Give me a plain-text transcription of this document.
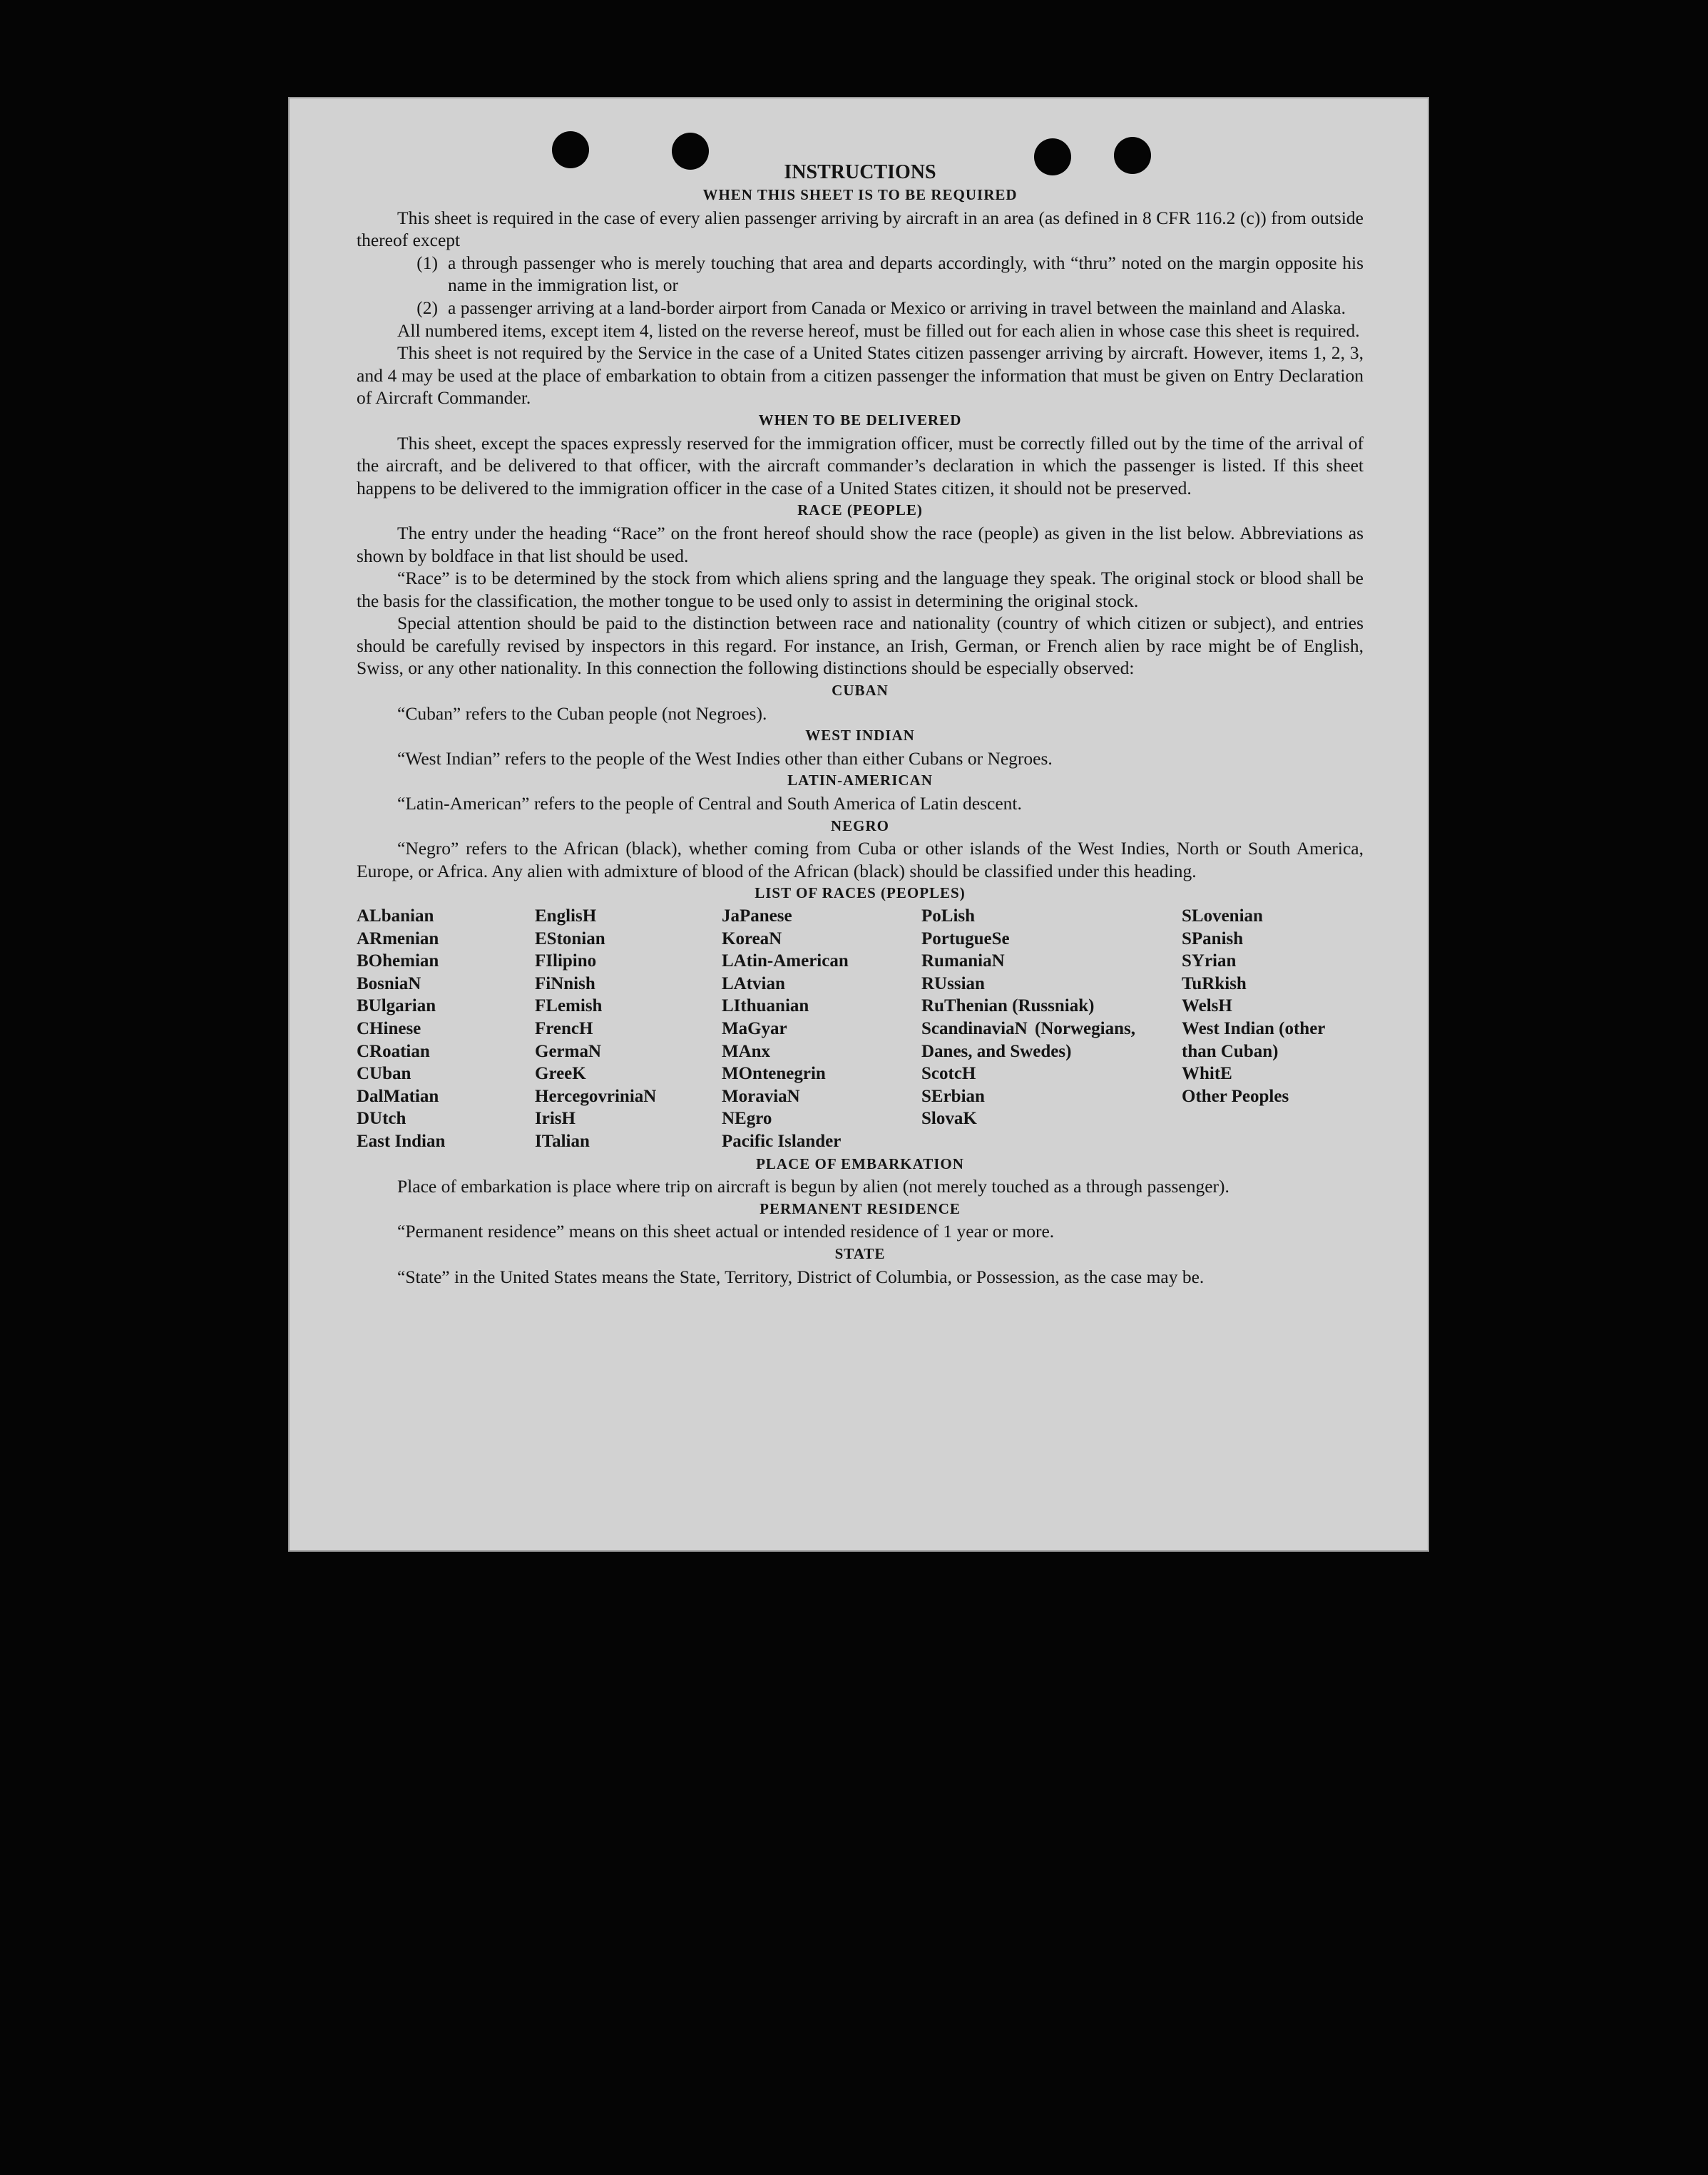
INSTRUCTIONS
WHEN THIS SHEET IS TO BE REQUIRED

This sheet is required in the case of every alien passenger arriving by aircraft in an area (as defined in 8 CFR 116.2 (c)) from outside thereof except

(1) a through passenger who is merely touching that area and departs accordingly, with “thru” noted on the margin opposite his name in the immigration list, or
(2) a passenger arriving at a land-border airport from Canada or Mexico or arriving in travel between the mainland and Alaska.

All numbered items, except item 4, listed on the reverse hereof, must be filled out for each alien in whose case this sheet is required.

This sheet is not required by the Service in the case of a United States citizen passenger arriving by aircraft. However, items 1, 2, 3, and 4 may be used at the place of embarkation to obtain from a citizen passenger the information that must be given on Entry Declaration of Aircraft Commander.

WHEN TO BE DELIVERED

This sheet, except the spaces expressly reserved for the immigration officer, must be correctly filled out by the time of the arrival of the aircraft, and be delivered to that officer, with the aircraft commander’s declaration in which the passenger is listed. If this sheet happens to be delivered to the immigration officer in the case of a United States citizen, it should not be preserved.

RACE (PEOPLE)

The entry under the heading “Race” on the front hereof should show the race (people) as given in the list below. Abbreviations as shown by boldface in that list should be used.

“Race” is to be determined by the stock from which aliens spring and the language they speak. The original stock or blood shall be the basis for the classification, the mother tongue to be used only to assist in determining the original stock.

Special attention should be paid to the distinction between race and nationality (country of which citizen or subject), and entries should be carefully revised by inspectors in this regard. For instance, an Irish, German, or French alien by race might be of English, Swiss, or any other nationality. In this connection the following distinctions should be especially observed:

CUBAN

“Cuban” refers to the Cuban people (not Negroes).

WEST INDIAN

“West Indian” refers to the people of the West Indies other than either Cubans or Negroes.

LATIN-AMERICAN

“Latin-American” refers to the people of Central and South America of Latin descent.

NEGRO

“Negro” refers to the African (black), whether coming from Cuba or other islands of the West Indies, North or South America, Europe, or Africa. Any alien with admixture of blood of the African (black) should be classified under this heading.

LIST OF RACES (PEOPLES)
ALbanian
ARmenian
BOhemian
BosniaN
BUlgarian
CHinese
CRoatian
CUban
DalMatian
DUtch
East Indian
EnglisH
EStonian
FIlipino
FiNnish
FLemish
FrencH
GermaN
GreeK
HercegovriniaN
IrisH
ITalian
JaPanese
KoreaN
LAtin-American
LAtvian
LIthuanian
MaGyar
MAnx
MOntenegrin
MoraviaN
NEgro
Pacific Islander
PoLish
PortugueSe
RumaniaN
RUssian
RuThenian (Russniak)
ScandinaviaN (Norwegians, Danes, and Swedes)
ScotcH
SErbian
SlovaK
SLovenian
SPanish
SYrian
TuRkish
WelsH
West Indian (other than Cuban)
WhitE
Other Peoples
PLACE OF EMBARKATION

Place of embarkation is place where trip on aircraft is begun by alien (not merely touched as a through passenger).

PERMANENT RESIDENCE

“Permanent residence” means on this sheet actual or intended residence of 1 year or more.

STATE

“State” in the United States means the State, Territory, District of Columbia, or Possession, as the case may be.
